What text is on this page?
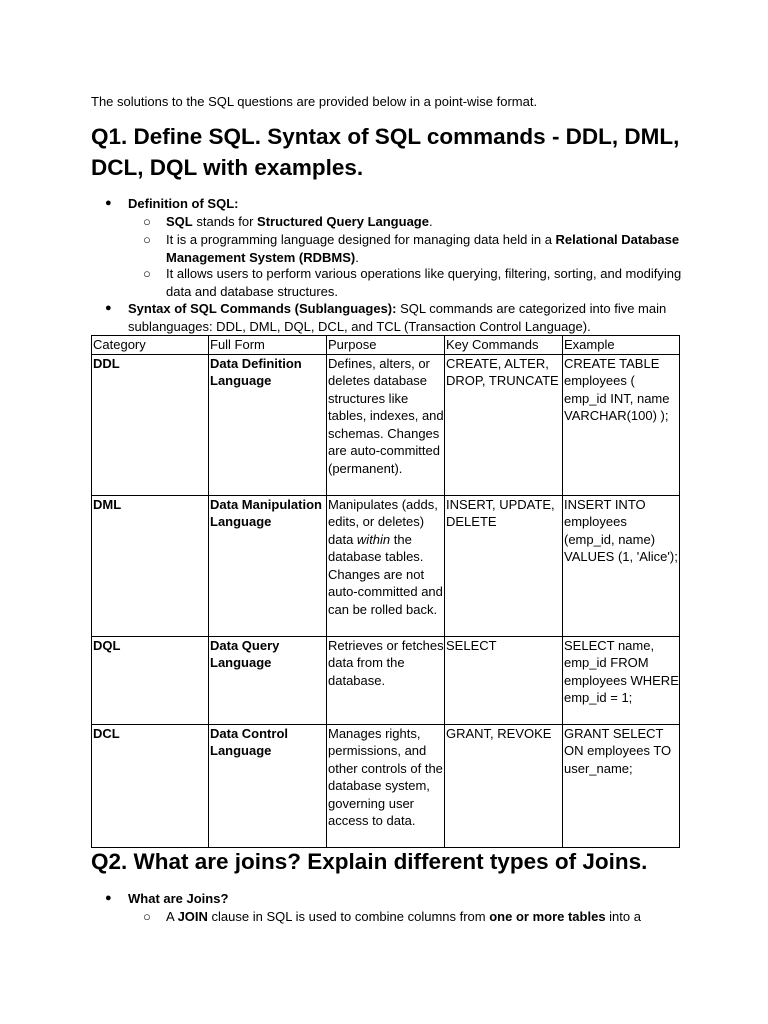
The solutions to the SQL questions are provided below in a point-wise format.
Q1. Define SQL. Syntax of SQL commands - DDL, DML, DCL, DQL with examples.
● Definition of SQL:
○ SQL stands for Structured Query Language.
○ It is a programming language designed for managing data held in a Relational Database Management System (RDBMS).
○ It allows users to perform various operations like querying, filtering, sorting, and modifying data and database structures.
● Syntax of SQL Commands (Sublanguages): SQL commands are categorized into five main sublanguages: DDL, DML, DQL, DCL, and TCL (Transaction Control Language).
Category	Full Form	Purpose	Key Commands	Example
DDL	Data Definition Language	Defines, alters, or deletes database structures like tables, indexes, and schemas. Changes are auto-committed (permanent).	CREATE, ALTER, DROP, TRUNCATE	CREATE TABLE employees ( emp_id INT, name VARCHAR(100) );
DML	Data Manipulation Language	Manipulates (adds, edits, or deletes) data within the database tables. Changes are not auto-committed and can be rolled back.	INSERT, UPDATE, DELETE	INSERT INTO employees (emp_id, name) VALUES (1, 'Alice');
DQL	Data Query Language	Retrieves or fetches data from the database.	SELECT	SELECT name, emp_id FROM employees WHERE emp_id = 1;
DCL	Data Control Language	Manages rights, permissions, and other controls of the database system, governing user access to data.	GRANT, REVOKE	GRANT SELECT ON employees TO user_name;
Q2. What are joins? Explain different types of Joins.
● What are Joins?
○ A JOIN clause in SQL is used to combine columns from one or more tables into a
